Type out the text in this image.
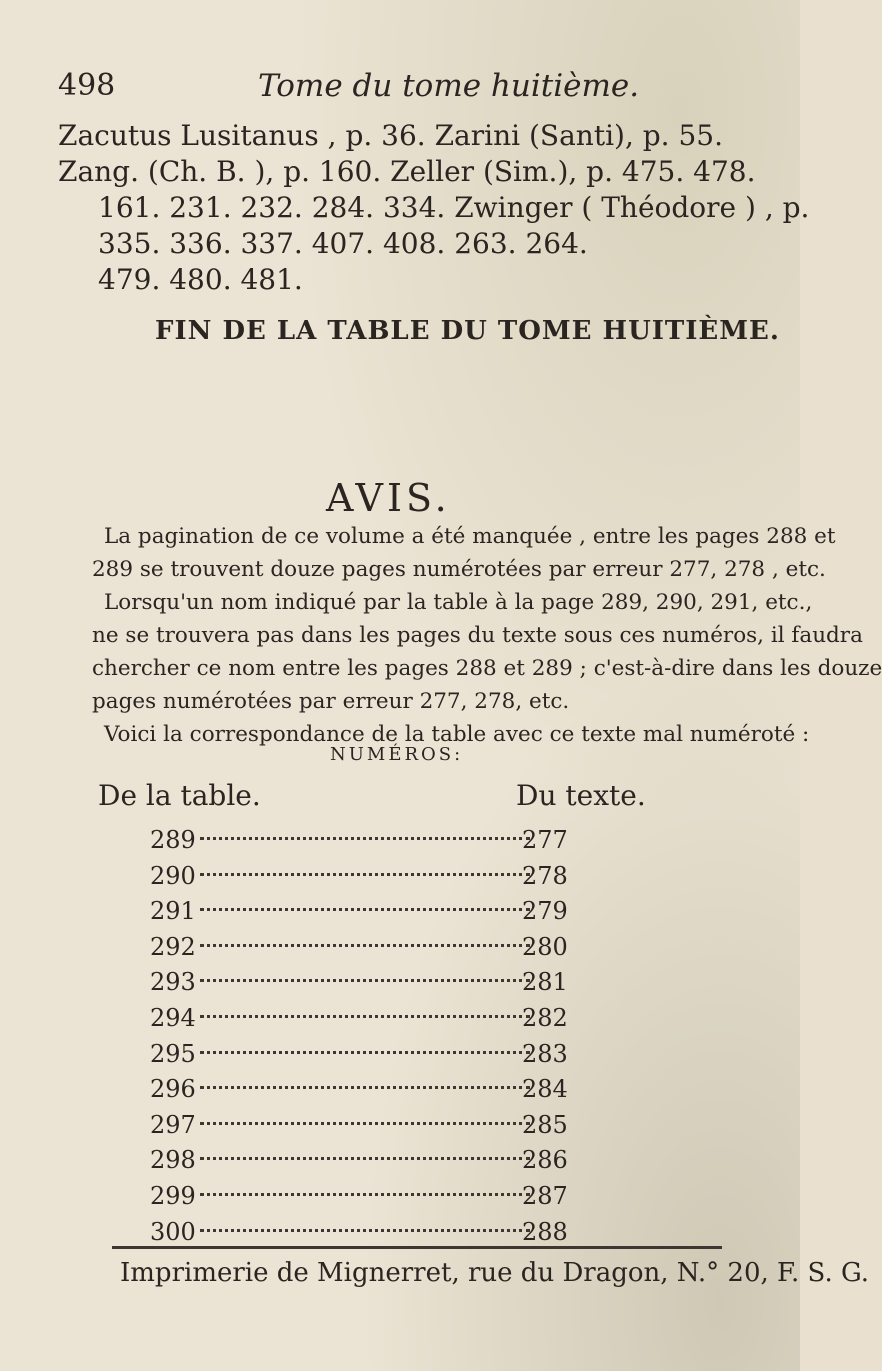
498	Tome du tome huitième.
Zacutus Lusitanus , p. 36. Zarini (Santi), p. 55.
Zang. (Ch. B. ), p. 160. Zeller (Sim.), p. 475. 478.
161. 231. 232. 284. 334. Zwinger ( Théodore ) , p.
335. 336. 337. 407. 408. 263. 264.
479. 480. 481.
FIN DE LA TABLE DU TOME HUITIÈME.
AVIS.
La pagination de ce volume a été manquée , entre les pages 288 et
289 se trouvent douze pages numérotées par erreur 277, 278 , etc.
Lorsqu'un nom indiqué par la table à la page 289, 290, 291, etc.,
ne se trouvera pas dans les pages du texte sous ces numéros, il faudra
chercher ce nom entre les pages 288 et 289 ; c'est-à-dire dans les douze
pages numérotées par erreur 277, 278, etc.
Voici la correspondance de la table avec ce texte mal numéroté :
NUMÉROS:
De la table.	Du texte.
289	277
290	278
291	279
292	280
293	281
294	282
295	283
296	284
297	285
298	286
299	287
300	288
Imprimerie de Mignerret, rue du Dragon, N.° 20, F. S. G.
